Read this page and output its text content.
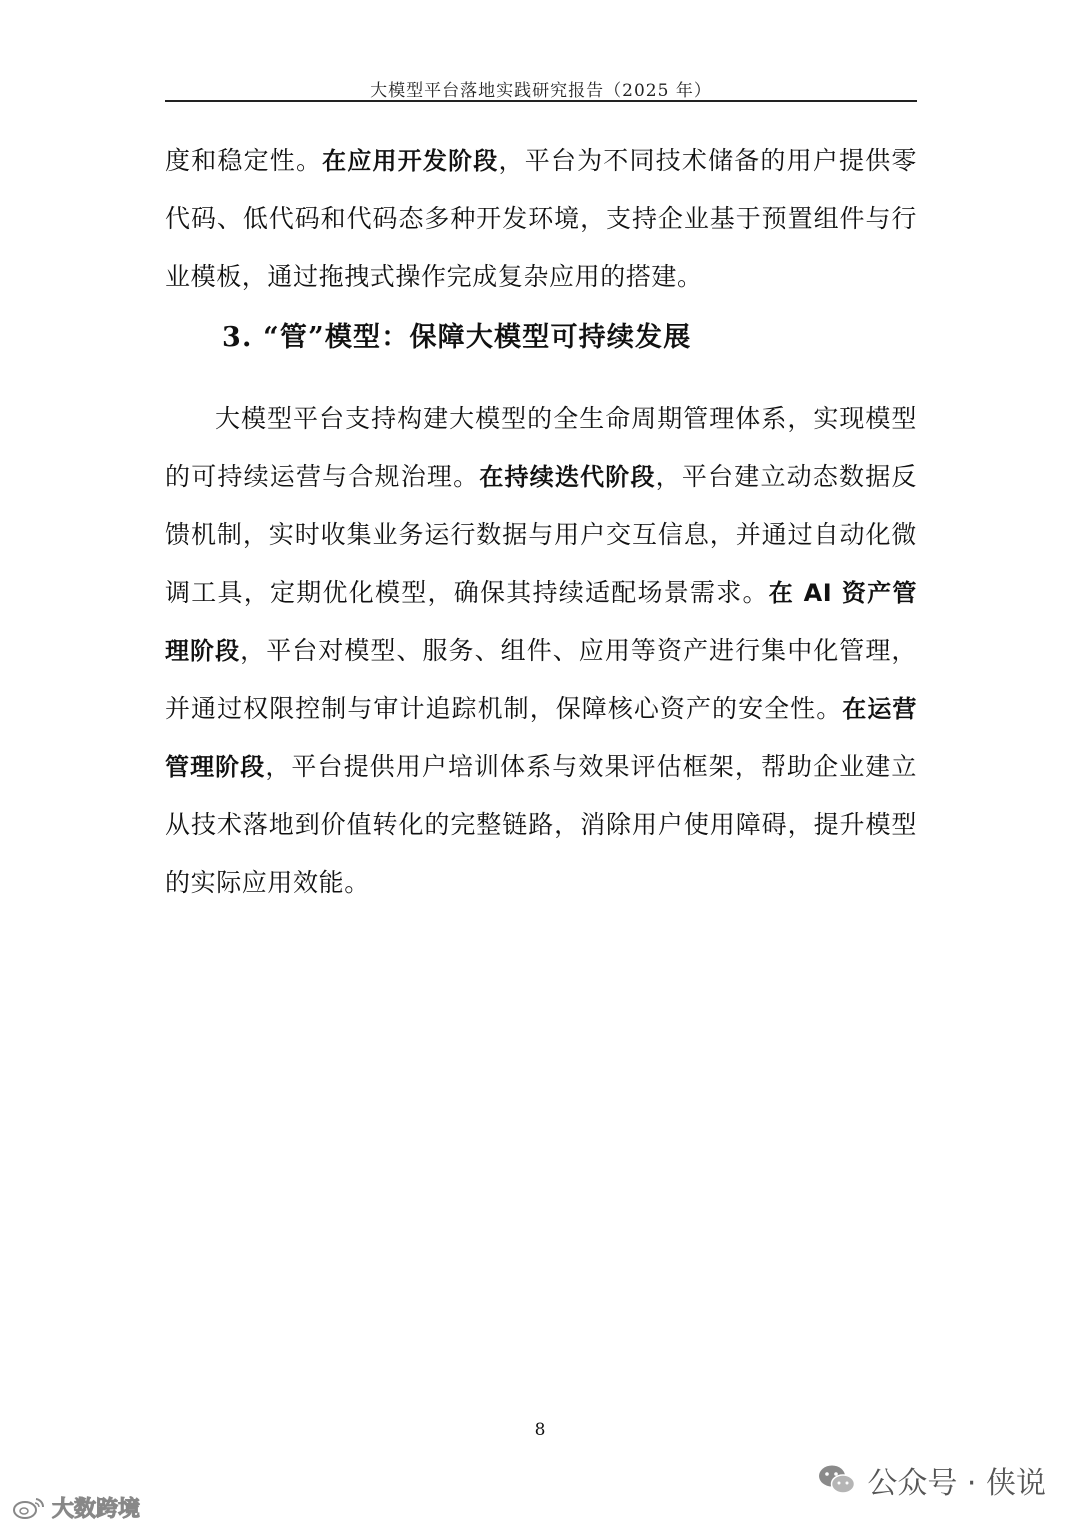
大模型平台落地实践研究报告（2025 年）
度和稳定性。在应用开发阶段，平台为不同技术储备的用户提供零代码、低代码和代码态多种开发环境，支持企业基于预置组件与行业模板，通过拖拽式操作完成复杂应用的搭建。
3. “管”模型：保障大模型可持续发展
大模型平台支持构建大模型的全生命周期管理体系，实现模型的可持续运营与合规治理。在持续迭代阶段，平台建立动态数据反馈机制，实时收集业务运行数据与用户交互信息，并通过自动化微调工具，定期优化模型，确保其持续适配场景需求。在 AI 资产管理阶段，平台对模型、服务、组件、应用等资产进行集中化管理，并通过权限控制与审计追踪机制，保障核心资产的安全性。在运营管理阶段，平台提供用户培训体系与效果评估框架，帮助企业建立从技术落地到价值转化的完整链路，消除用户使用障碍，提升模型的实际应用效能。
8
公众号 · 侠说
大数跨境
